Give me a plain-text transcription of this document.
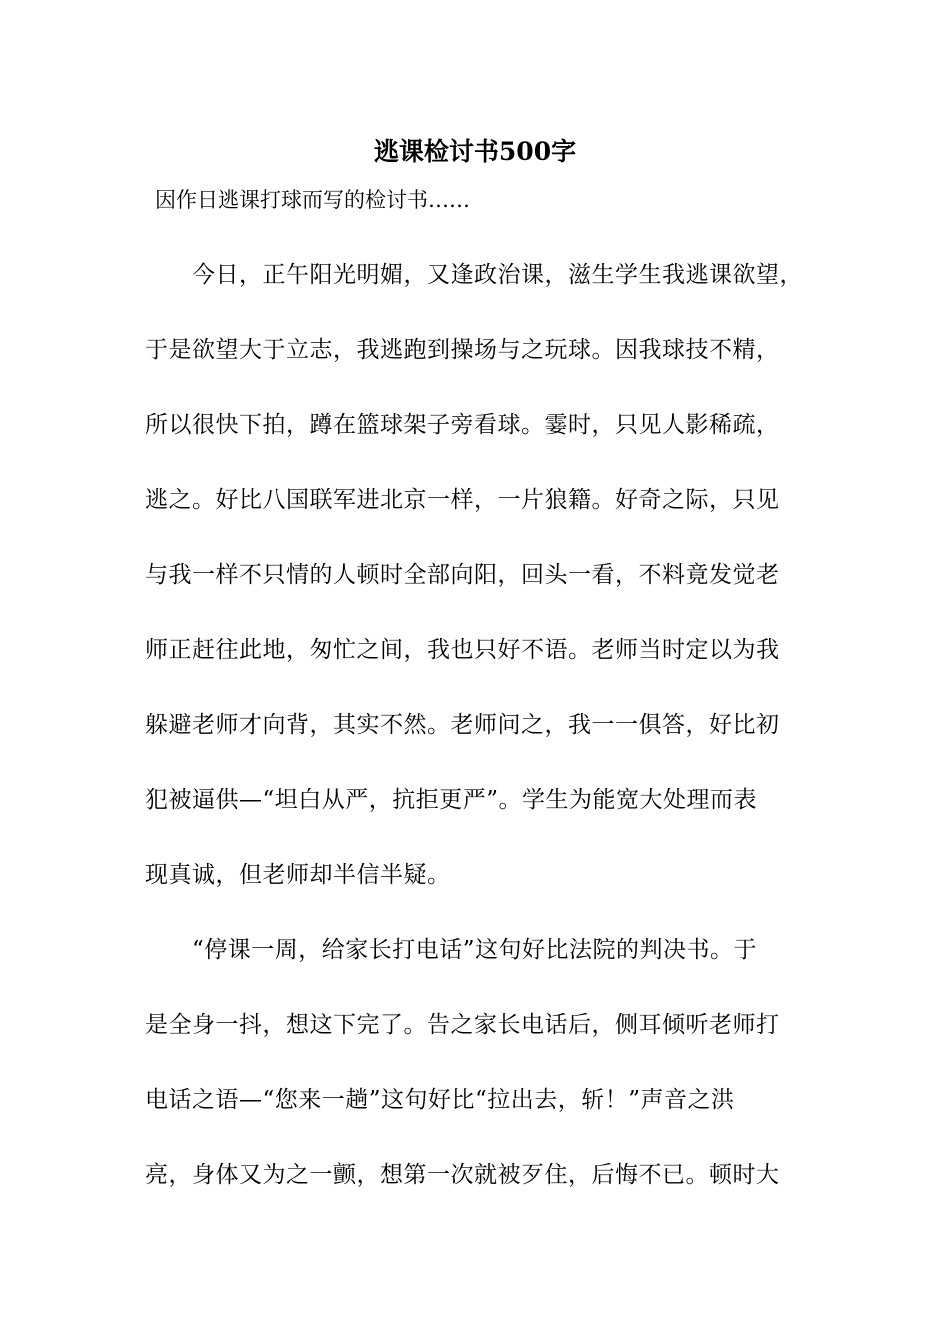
逃课检讨书500字
因作日逃课打球而写的检讨书……
今日，正午阳光明媚，又逢政治课，滋生学生我逃课欲望，
于是欲望大于立志，我逃跑到操场与之玩球。因我球技不精，
所以很快下拍，蹲在篮球架子旁看球。霎时，只见人影稀疏，
逃之。好比八国联军进北京一样，一片狼籍。好奇之际，只见
与我一样不只情的人顿时全部向阳，回头一看，不料竟发觉老
师正赶往此地，匆忙之间，我也只好不语。老师当时定以为我
躲避老师才向背，其实不然。老师问之，我一一俱答，好比初
犯被逼供—“坦白从严，抗拒更严”。学生为能宽大处理而表
现真诚，但老师却半信半疑。
“停课一周，给家长打电话”这句好比法院的判决书。于
是全身一抖，想这下完了。告之家长电话后，侧耳倾听老师打
电话之语—“您来一趟”这句好比“拉出去，斩！”声音之洪
亮，身体又为之一颤，想第一次就被歹住，后悔不已。顿时大
